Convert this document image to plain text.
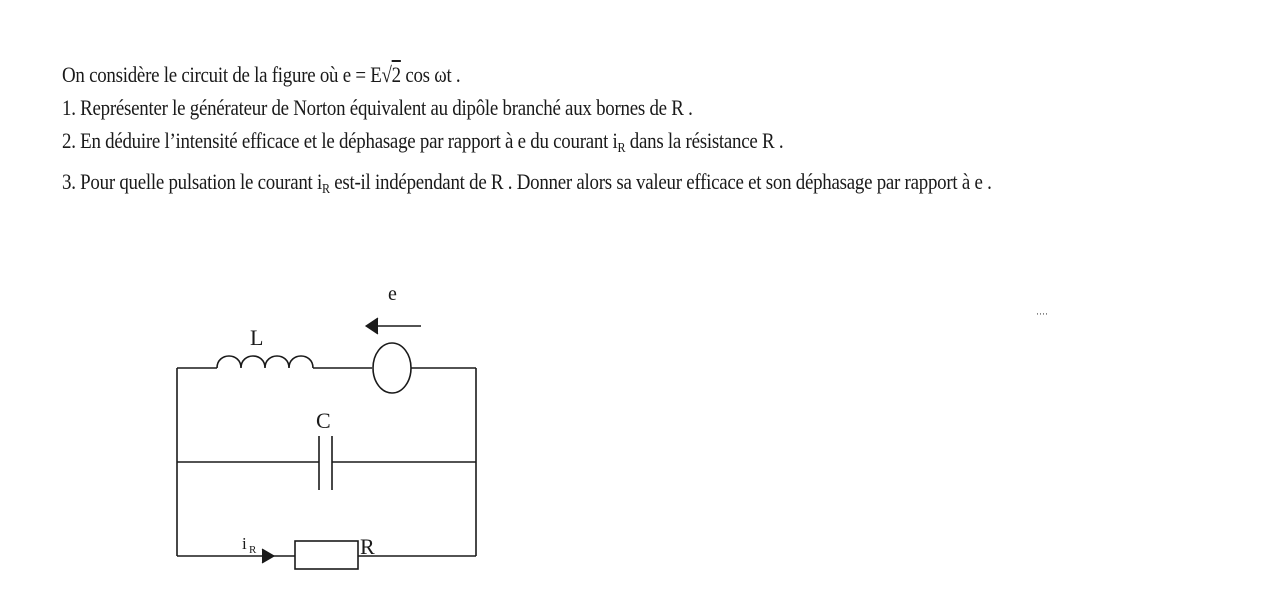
On considère le circuit de la figure où e = E√2 cos ωt .
1. Représenter le générateur de Norton équivalent au dipôle branché aux bornes de R .
2. En déduire l’intensité efficace et le déphasage par rapport à e du courant $i_R$ dans la résistance R .
3. Pour quelle pulsation le courant $i_R$ est-il indépendant de R . Donner alors sa valeur efficace et son déphasage par rapport à e .
L
e
C
R
i R
····
